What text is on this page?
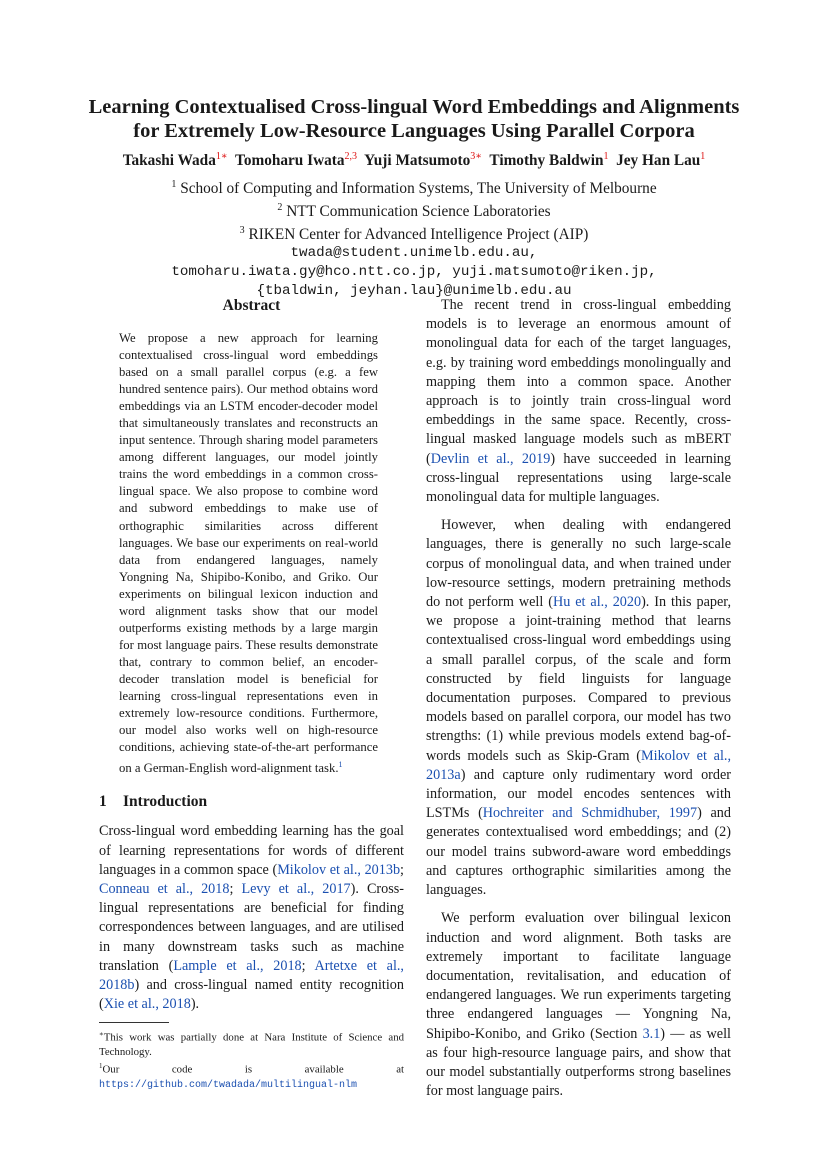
Learning Contextualised Cross-lingual Word Embeddings and Alignments
for Extremely Low-Resource Languages Using Parallel Corpora
Takashi Wada$^{1∗}$ Tomoharu Iwata$^{2,3}$ Yuji Matsumoto$^{3∗}$ Timothy Baldwin$^1$ Jey Han Lau$^1$
$^1$ School of Computing and Information Systems, The University of Melbourne
$^2$ NTT Communication Science Laboratories
$^3$ RIKEN Center for Advanced Intelligence Project (AIP)
twada@student.unimelb.edu.au,
tomoharu.iwata.gy@hco.ntt.co.jp, yuji.matsumoto@riken.jp,
{tbaldwin, jeyhan.lau}@unimelb.edu.au
Abstract

We propose a new approach for learning contextualised cross-lingual word embeddings based on a small parallel corpus (e.g. a few hundred sentence pairs). Our method obtains word embeddings via an LSTM encoder-decoder model that simultaneously translates and reconstructs an input sentence. Through sharing model parameters among different languages, our model jointly trains the word embeddings in a common cross-lingual space. We also propose to combine word and subword embeddings to make use of orthographic similarities across different languages. We base our experiments on real-world data from endangered languages, namely Yongning Na, Shipibo-Konibo, and Griko. Our experiments on bilingual lexicon induction and word alignment tasks show that our model outperforms existing methods by a large margin for most language pairs. These results demonstrate that, contrary to common belief, an encoder-decoder translation model is beneficial for learning cross-lingual representations even in extremely low-resource conditions. Furthermore, our model also works well on high-resource conditions, achieving state-of-the-art performance on a German-English word-alignment task.$^1$

1 Introduction

Cross-lingual word embedding learning has the goal of learning representations for words of different languages in a common space (Mikolov et al., 2013b; Conneau et al., 2018; Levy et al., 2017). Cross-lingual representations are beneficial for finding correspondences between languages, and are utilised in many downstream tasks such as machine translation (Lample et al., 2018; Artetxe et al., 2018b) and cross-lingual named entity recognition (Xie et al., 2018).

∗This work was partially done at Nara Institute of Science and Technology.

$^1$Our code is available at https://github.com/twadada/multilingual-nlm

The recent trend in cross-lingual embedding models is to leverage an enormous amount of monolingual data for each of the target languages, e.g. by training word embeddings monolingually and mapping them into a common space. Another approach is to jointly train cross-lingual word embeddings in the same space. Recently, cross-lingual masked language models such as mBERT (Devlin et al., 2019) have succeeded in learning cross-lingual representations using large-scale monolingual data for multiple languages.

However, when dealing with endangered languages, there is generally no such large-scale corpus of monolingual data, and when trained under low-resource settings, modern pretraining methods do not perform well (Hu et al., 2020). In this paper, we propose a joint-training method that learns contextualised cross-lingual word embeddings using a small parallel corpus, of the scale and form constructed by field linguists for language documentation purposes. Compared to previous models based on parallel corpora, our model has two strengths: (1) while previous models extend bag-of-words models such as Skip-Gram (Mikolov et al., 2013a) and capture only rudimentary word order information, our model encodes sentences with LSTMs (Hochreiter and Schmidhuber, 1997) and generates contextualised word embeddings; and (2) our model trains subword-aware word embeddings and captures orthographic similarities among the languages.

We perform evaluation over bilingual lexicon induction and word alignment. Both tasks are extremely important to facilitate language documentation, revitalisation, and education of endangered languages. We run experiments targeting three endangered languages — Yongning Na, Shipibo-Konibo, and Griko (Section 3.1) — as well as four high-resource language pairs, and show that our model substantially outperforms strong baselines for most language pairs.
